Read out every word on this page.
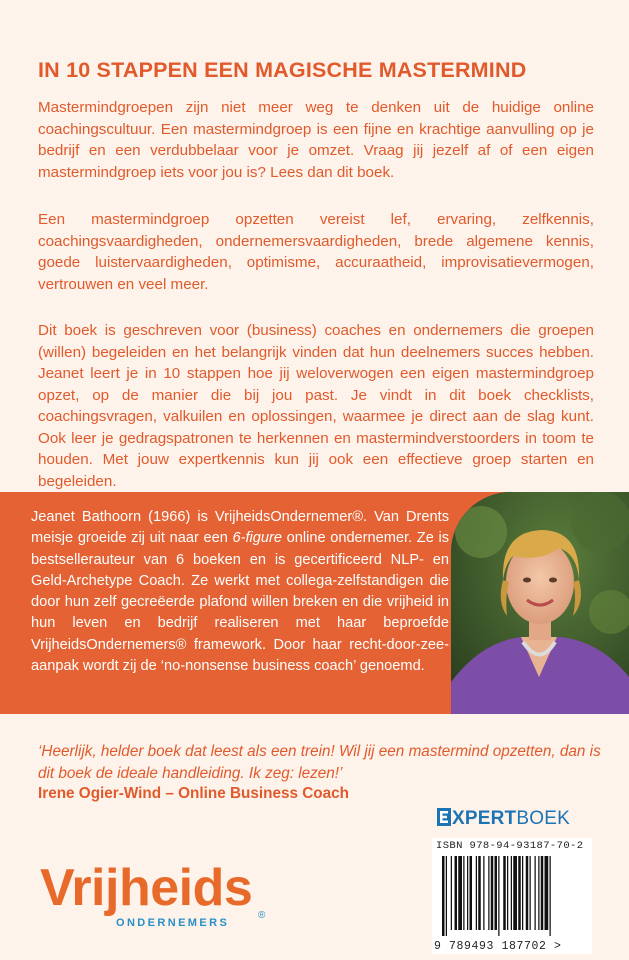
IN 10 STAPPEN EEN MAGISCHE MASTERMIND

Mastermindgroepen zijn niet meer weg te denken uit de huidige online coachingscultuur. Een mastermindgroep is een fijne en krachtige aanvulling op je bedrijf en een verdubbelaar voor je omzet. Vraag jij jezelf af of een eigen mastermindgroep iets voor jou is? Lees dan dit boek.

Een mastermindgroep opzetten vereist lef, ervaring, zelfkennis, coachingsvaardigheden, ondernemersvaardigheden, brede algemene kennis, goede luistervaardigheden, optimisme, accuraatheid, improvisatievermogen, vertrouwen en veel meer.

Dit boek is geschreven voor (business) coaches en ondernemers die groepen (willen) begeleiden en het belangrijk vinden dat hun deelnemers succes hebben. Jeanet leert je in 10 stappen hoe jij weloverwogen een eigen mastermindgroep opzet, op de manier die bij jou past. Je vindt in dit boek checklists, coachingsvragen, valkuilen en oplossingen, waarmee je direct aan de slag kunt. Ook leer je gedragspatronen te herkennen en mastermindverstoorders in toom te houden. Met jouw expertkennis kun jij ook een effectieve groep starten en begeleiden.

Jeanet Bathoorn (1966) is VrijheidsOndernemer®. Van Drents meisje groeide zij uit naar een 6-figure online ondernemer. Ze is bestsellerauteur van 6 boeken en is gecertificeerd NLP- en Geld-Archetype Coach. Ze werkt met collega-zelfstandigen die door hun zelf gecreëerde plafond willen breken en die vrijheid in hun leven en bedrijf realiseren met haar beproefde VrijheidsOndernemers® framework. Door haar recht-door-zee-aanpak wordt zij de ‘no-nonsense business coach’ genoemd.

‘Heerlijk, helder boek dat leest als een trein! Wil jij een mastermind opzetten, dan is dit boek de ideale handleiding. Ik zeg: lezen!’

Irene Ogier-Wind – Online Business Coach
Vrijheids
ONDERNEMERS
®
XPERTBOEK
ISBN 978-94-93187-70-2
9 789493 187702 >
